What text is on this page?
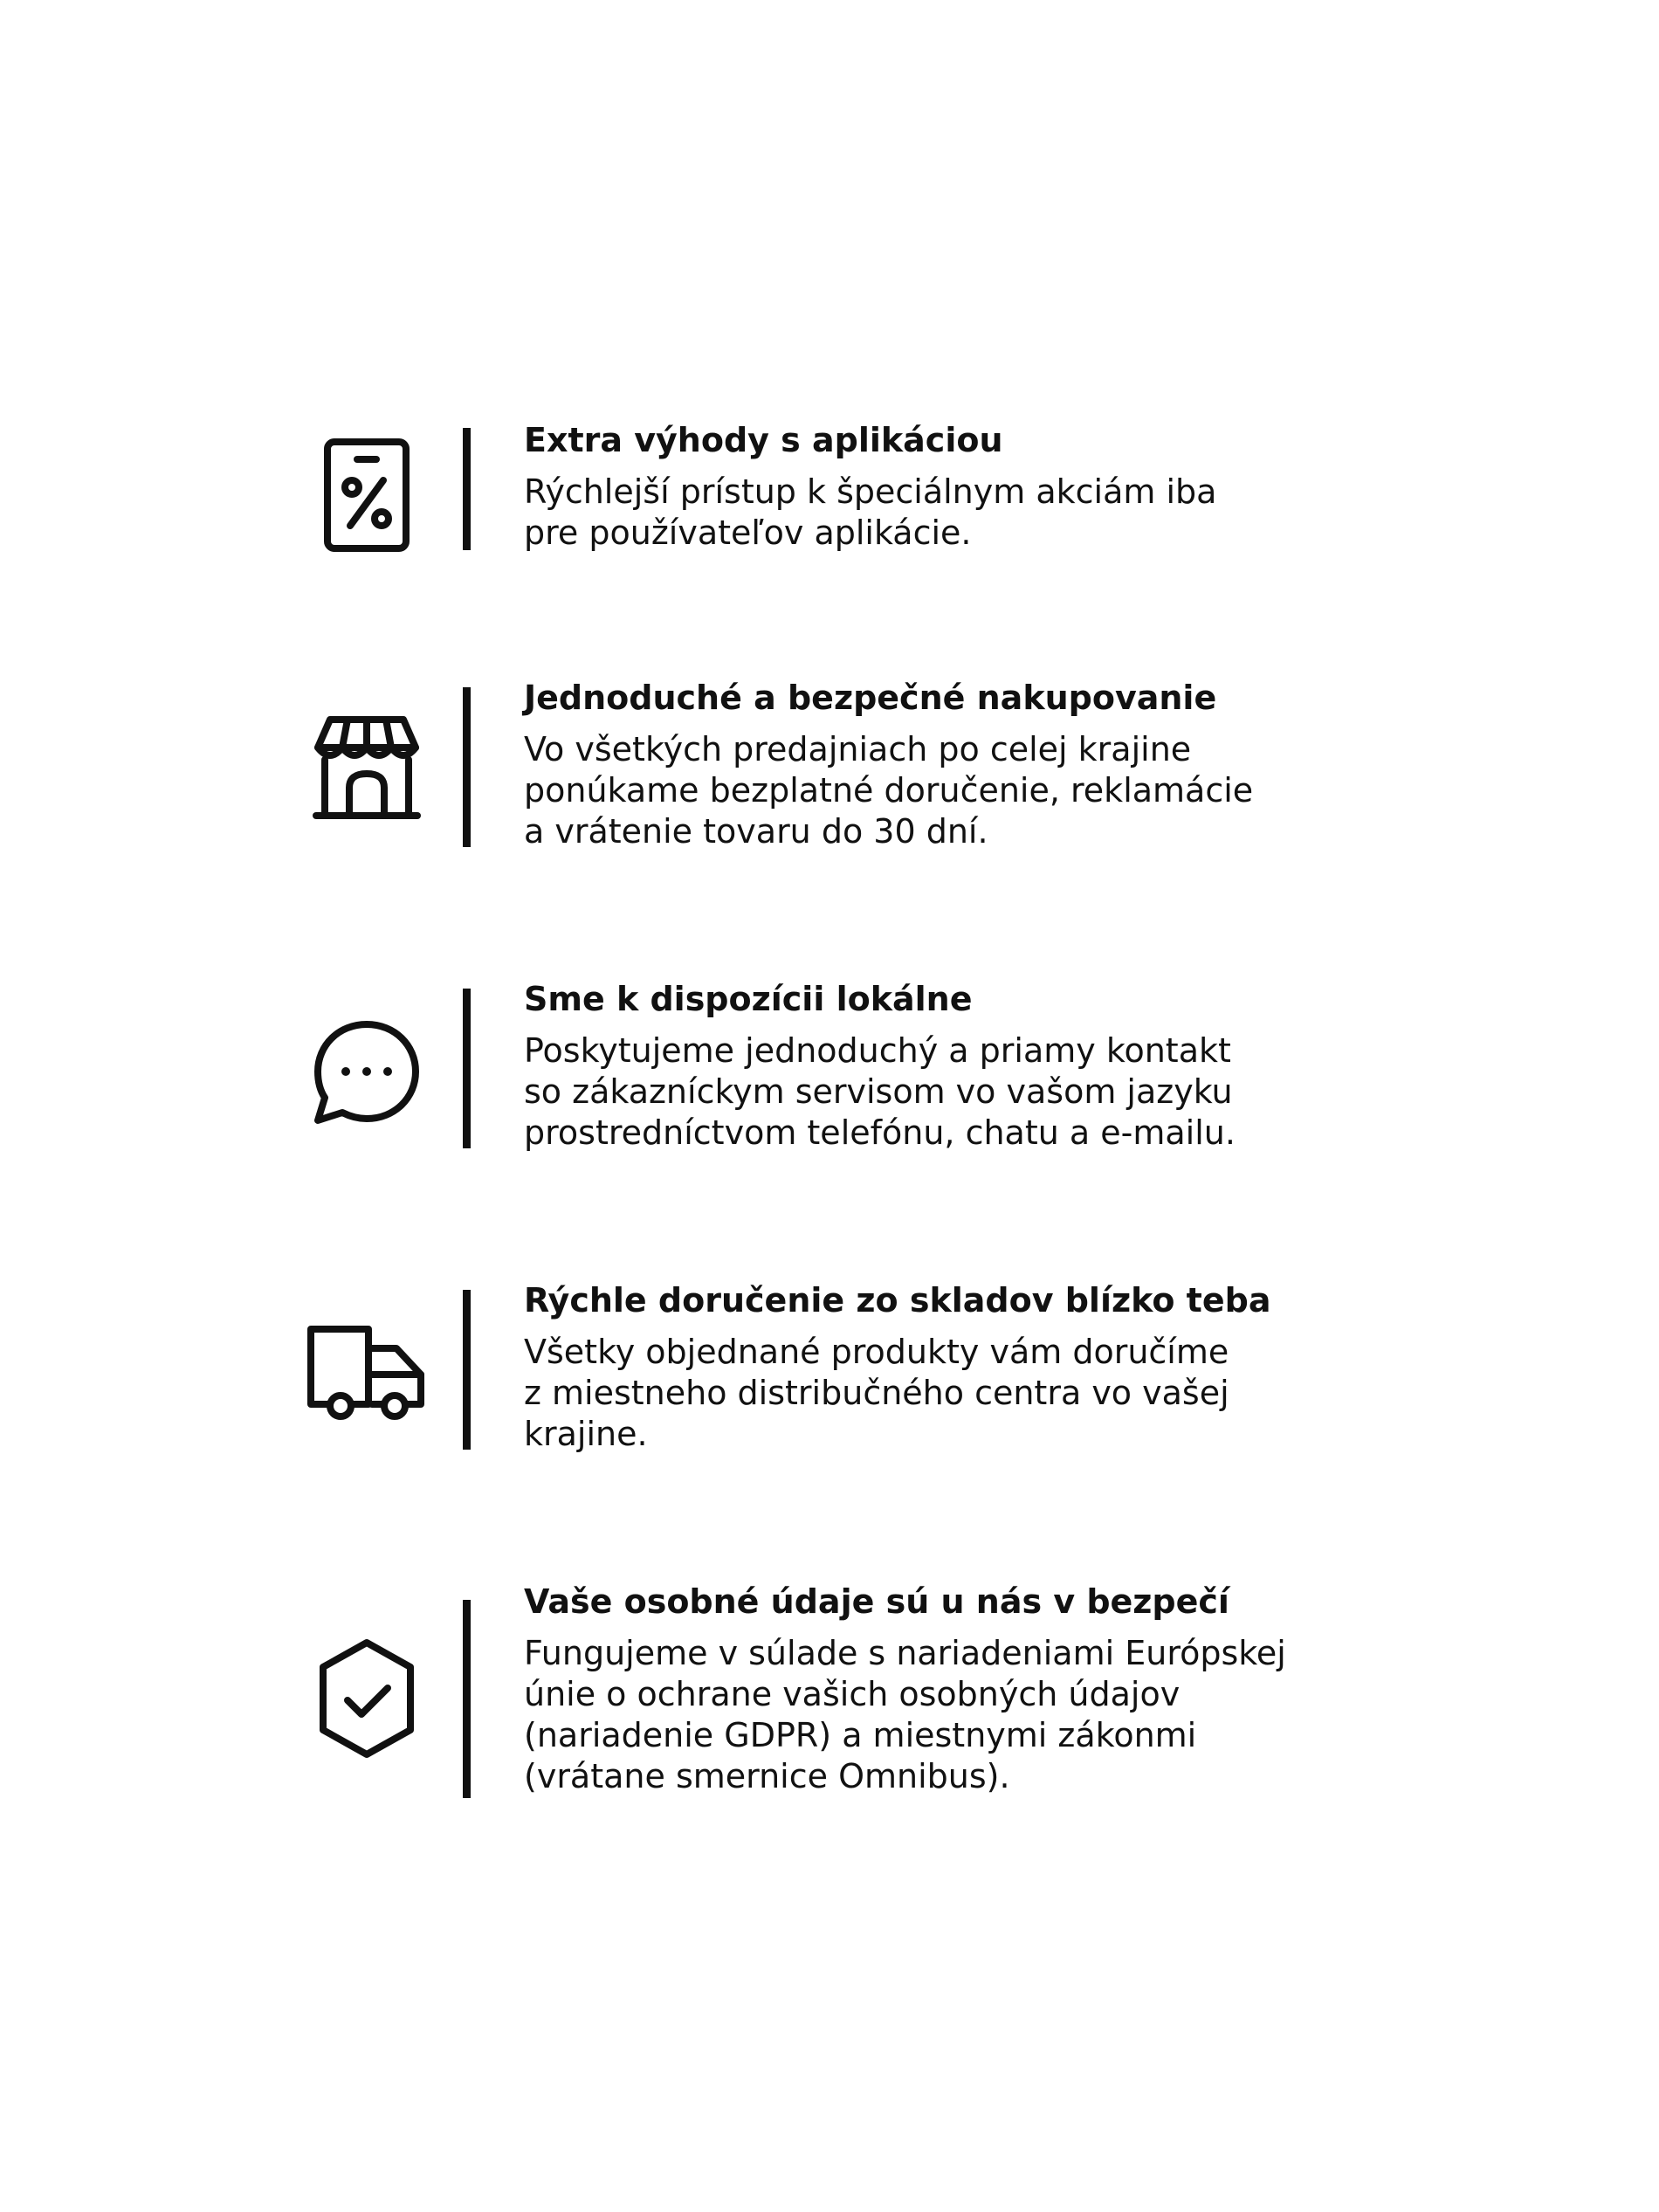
Extra výhody s aplikáciou
Rýchlejší prístup k špeciálnym akciám iba
pre používateľov aplikácie.
Jednoduché a bezpečné nakupovanie
Vo všetkých predajniach po celej krajine
ponúkame bezplatné doručenie, reklamácie
a vrátenie tovaru do 30 dní.
Sme k dispozícii lokálne
Poskytujeme jednoduchý a priamy kontakt
so zákazníckym servisom vo vašom jazyku
prostredníctvom telefónu, chatu a e-mailu.
Rýchle doručenie zo skladov blízko teba
Všetky objednané produkty vám doručíme
z miestneho distribučného centra vo vašej
krajine.
Vaše osobné údaje sú u nás v bezpečí
Fungujeme v súlade s nariadeniami Európskej
únie o ochrane vašich osobných údajov
(nariadenie GDPR) a miestnymi zákonmi
(vrátane smernice Omnibus).
